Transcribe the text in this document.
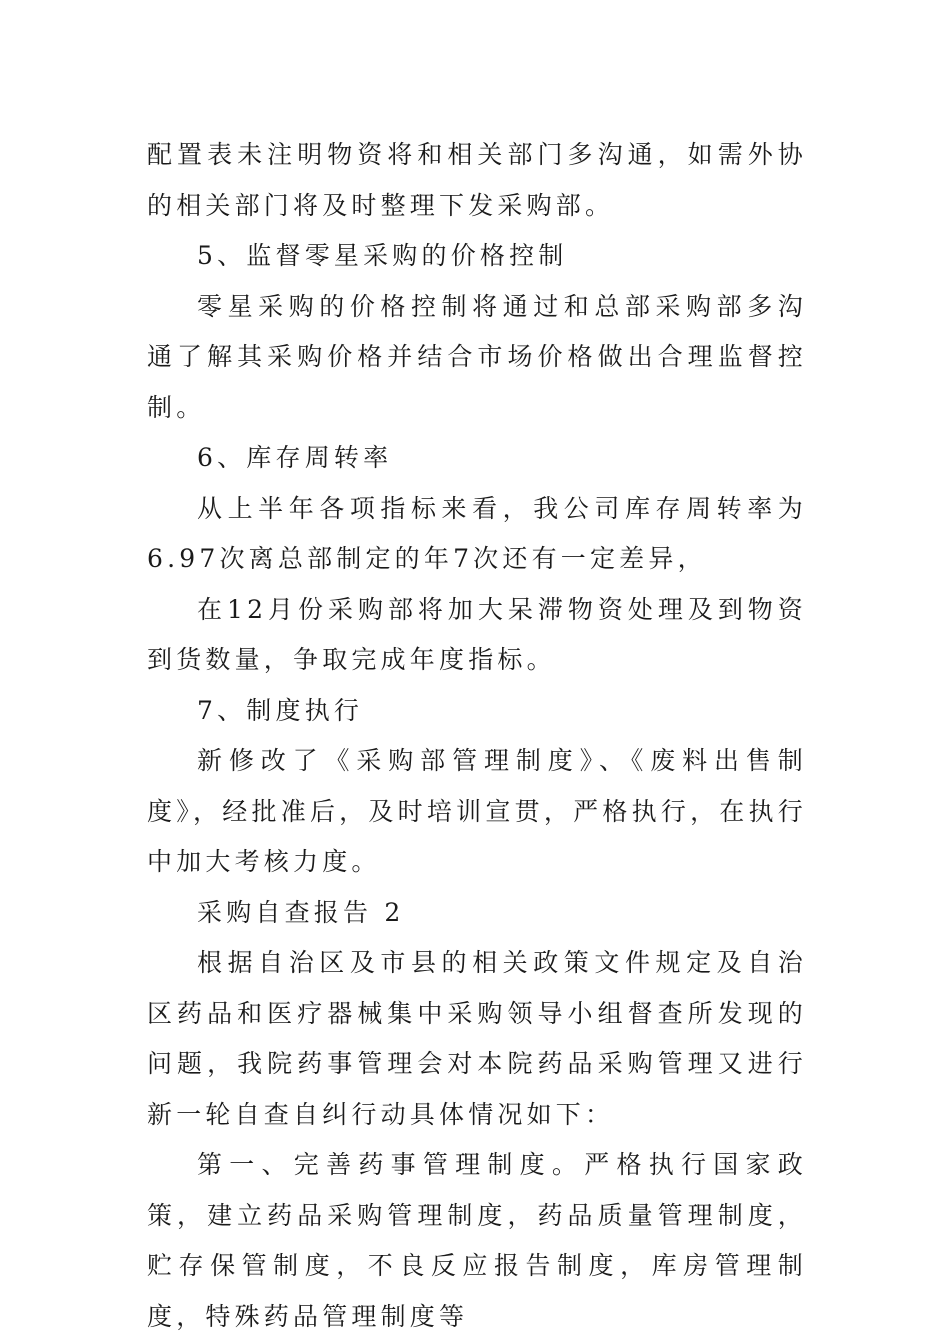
配置表未注明物资将和相关部门多沟通，如需外协的相关部门将及时整理下发采购部。

5、监督零星采购的价格控制

零星采购的价格控制将通过和总部采购部多沟通了解其采购价格并结合市场价格做出合理监督控制。

6、库存周转率

从上半年各项指标来看，我公司库存周转率为6.97次离总部制定的年7次还有一定差异，

在12月份采购部将加大呆滞物资处理及到物资到货数量，争取完成年度指标。

7、制度执行

新修改了《采购部管理制度》、《废料出售制度》，经批准后，及时培训宣贯，严格执行，在执行中加大考核力度。

采购自查报告 2

根据自治区及市县的相关政策文件规定及自治区药品和医疗器械集中采购领导小组督查所发现的问题，我院药事管理会对本院药品采购管理又进行新一轮自查自纠行动具体情况如下：

第一、完善药事管理制度。严格执行国家政策，建立药品采购管理制度，药品质量管理制度，贮存保管制度，不良反应报告制度，库房管理制度，特殊药品管理制度等
